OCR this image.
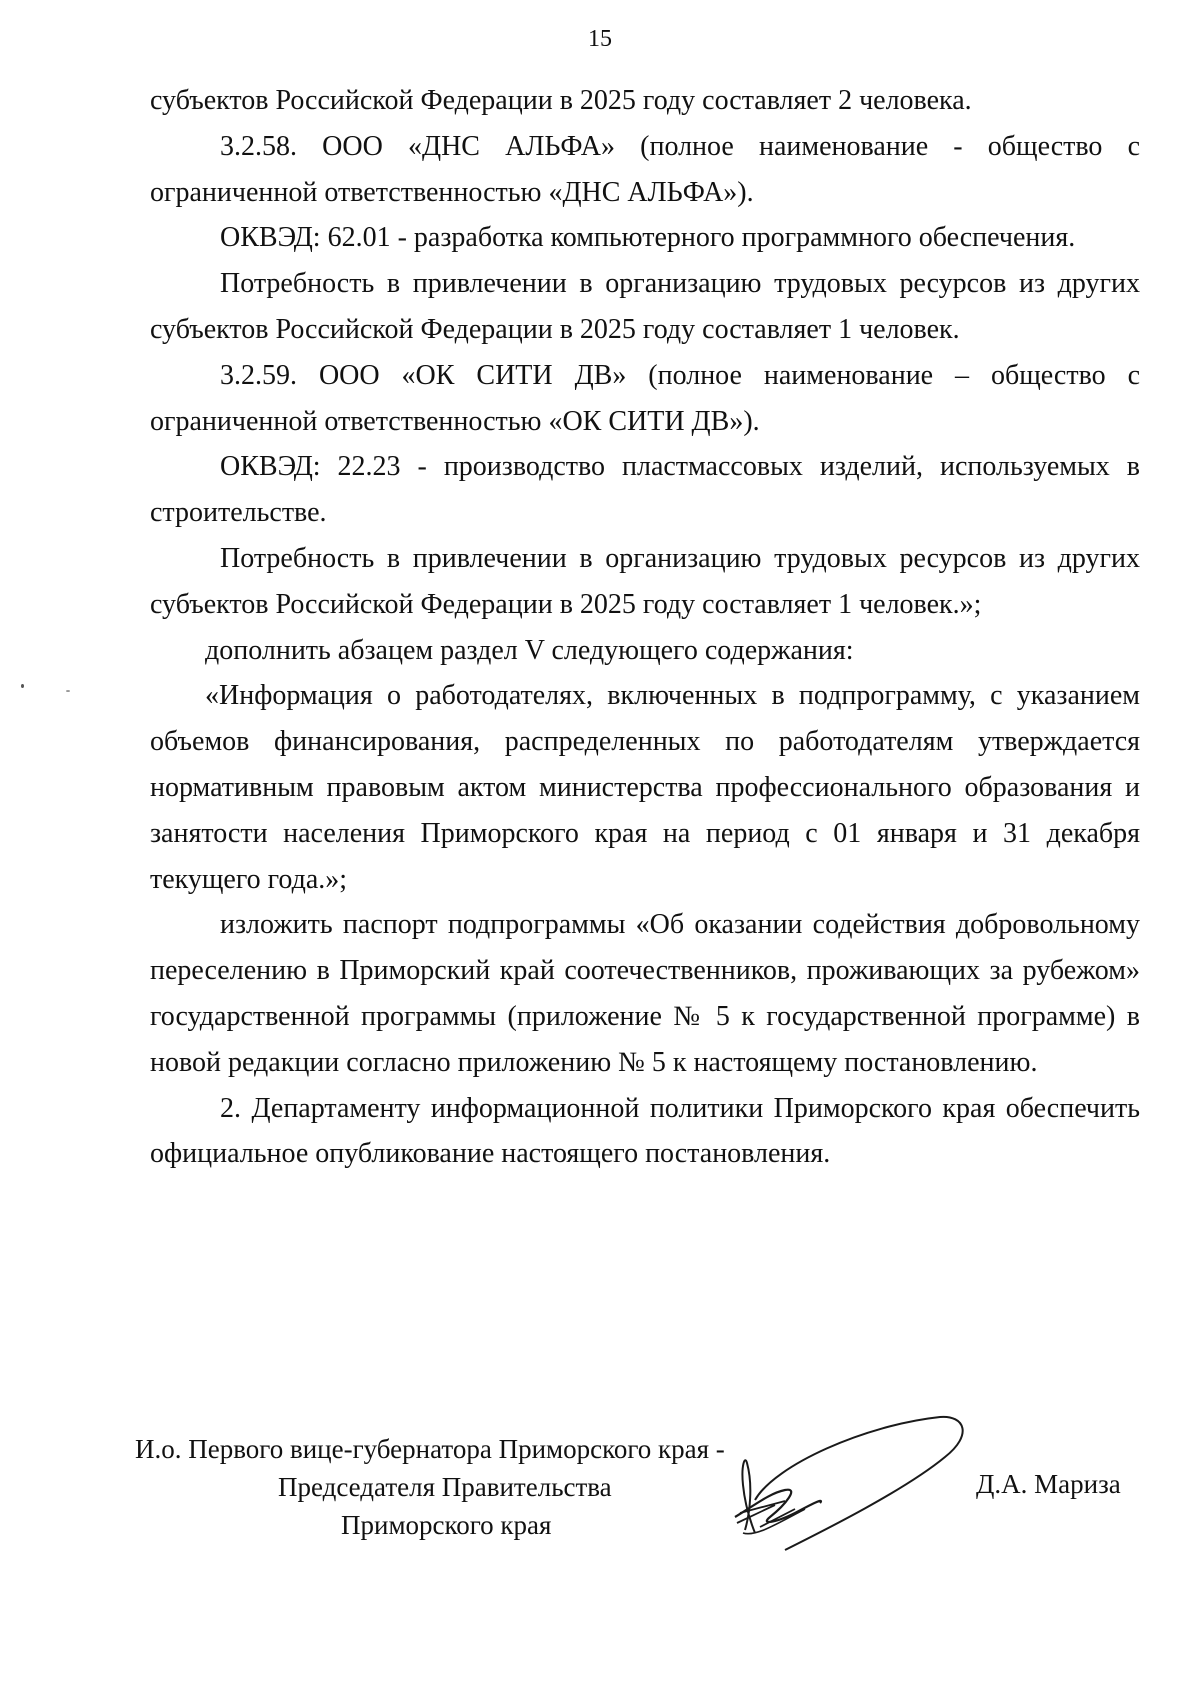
15

субъектов Российской Федерации в 2025 году составляет 2 человека.

3.2.58. ООО «ДНС АЛЬФА» (полное наименование - общество с ограниченной ответственностью «ДНС АЛЬФА»).

ОКВЭД: 62.01 - разработка компьютерного программного обеспечения.

Потребность в привлечении в организацию трудовых ресурсов из других субъектов Российской Федерации в 2025 году составляет 1 человек.

3.2.59. ООО «ОК СИТИ ДВ» (полное наименование – общество с ограниченной ответственностью «ОК СИТИ ДВ»).

ОКВЭД: 22.23 - производство пластмассовых изделий, используемых в строительстве.

Потребность в привлечении в организацию трудовых ресурсов из других субъектов Российской Федерации в 2025 году составляет 1 человек.»;

дополнить абзацем раздел V следующего содержания:

«Информация о работодателях, включенных в подпрограмму, с указанием объемов финансирования, распределенных по работодателям утверждается нормативным правовым актом министерства профессионального образования и занятости населения Приморского края на период с 01 января и 31 декабря текущего года.»;

изложить паспорт подпрограммы «Об оказании содействия добровольному переселению в Приморский край соотечественников, проживающих за рубежом» государственной программы (приложение № 5 к государственной программе) в новой редакции согласно приложению № 5 к настоящему постановлению.

2. Департаменту информационной политики Приморского края обеспечить официальное опубликование настоящего постановления.

И.о. Первого вице-губернатора Приморского края -
Председателя Правительства
Приморского края
Д.А. Мариза
